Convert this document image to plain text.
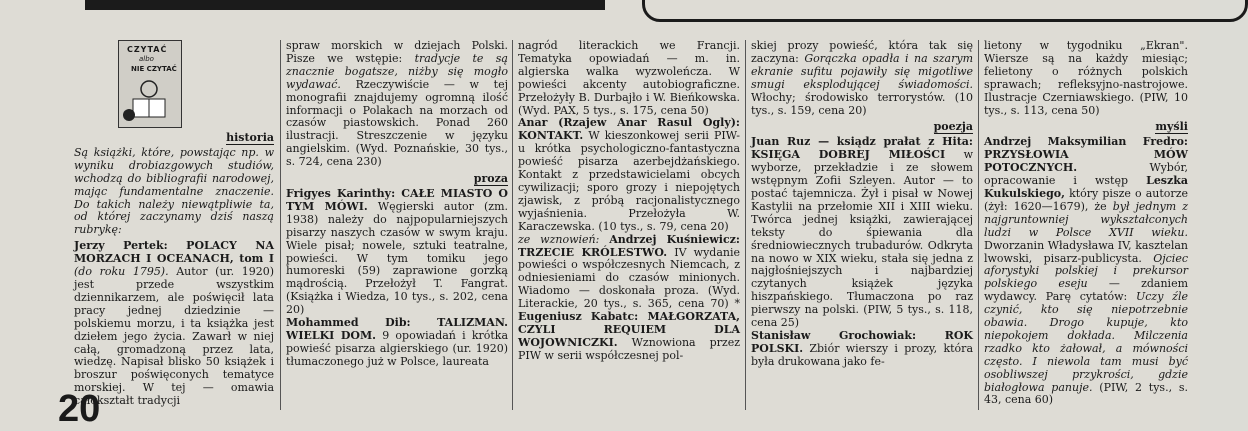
CZYTAĆ
albo
NIE CZYTAĆ
historia

Są książki, które, powstając np. w wyniku drobiazgowych studiów, wchodzą do bibliografii narodowej, mając fundamentalne znaczenie. Do takich należy niewątpliwie ta, od której zaczynamy dziś naszą rubrykę:

Jerzy Pertek: POLACY NA MORZACH I OCEANACH, tom I (do roku 1795). Autor (ur. 1920) jest przede wszystkim dziennikarzem, ale poświęcił lata pracy jednej dziedzinie — polskiemu morzu, i ta książka jest dziełem jego życia. Zawarł w niej całą, gromadzoną przez lata, wiedzę. Napisał blisko 50 książek i broszur poświęconych tematyce morskiej. W tej — omawia całokształt tradycji

20

spraw morskich w dziejach Polski. Pisze we wstępie: tradycje te są znacznie bogatsze, niżby się mogło wydawać. Rzeczywiście — w tej monografii znajdujemy ogromną ilość informacji o Polakach na morzach od czasów piastowskich. Ponad 260 ilustracji. Streszczenie w języku angielskim. (Wyd. Poznańskie, 30 tys., s. 724, cena 230)

proza

Frigyes Karinthy: CAŁE MIASTO O TYM MÓWI. Węgierski autor (zm. 1938) należy do najpopularniejszych pisarzy naszych czasów w swym kraju. Wiele pisał; nowele, sztuki teatralne, powieści. W tym tomiku jego humoreski (59) zaprawione gorzką mądrością. Przełożył T. Fangrat. (Książka i Wiedza, 10 tys., s. 202, cena 20)

Mohammed Dib: TALIZMAN. WIELKI DOM. 9 opowiadań i krótka powieść pisarza algierskiego (ur. 1920) tłumaczonego już w Polsce, laureata

nagród literackich we Francji. Tematyka opowiadań — m. in. algierska walka wyzwoleńcza. W powieści akcenty autobiograficzne. Przełożyły B. Durbajło i W. Bieńkowska. (Wyd. PAX, 5 tys., s. 175, cena 50)

Anar (Rzajew Anar Rasul Ogly): KONTAKT. W kieszonkowej serii PIW-u krótka psychologiczno-fantastyczna powieść pisarza azerbejdżańskiego. Kontakt z przedstawicielami obcych cywilizacji; sporo grozy i niepojętych zjawisk, z próbą racjonalistycznego wyjaśnienia. Przełożyła W. Karaczewska. (10 tys., s. 79, cena 20)

ze wznowień: Andrzej Kuśniewicz: TRZECIE KRÓLESTWO. IV wydanie powieści o współczesnych Niemcach, z odniesieniami do czasów minionych. Wiadomo — doskonała proza. (Wyd. Literackie, 20 tys., s. 365, cena 70) * Eugeniusz Kabatc: MAŁGORZATA, CZYLI REQUIEM DLA WOJOWNICZKI. Wznowiona przez PIW w serii współczesnej pol-

skiej prozy powieść, która tak się zaczyna: Gorączka opadła i na szarym ekranie sufitu pojawiły się migotliwe smugi eksplodującej świadomości. Włochy; środowisko terrorystów. (10 tys., s. 159, cena 20)

poezja

Juan Ruz — ksiądz prałat z Hita: KSIĘGA DOBREJ MIŁOŚCI w wyborze, przekładzie i ze słowem wstępnym Zofii Szleyen. Autor — to postać tajemnicza. Żył i pisał w Nowej Kastylii na przełomie XII i XIII wieku. Twórca jednej książki, zawierającej teksty do śpiewania dla średniowiecznych trubadurów. Odkryta na nowo w XIX wieku, stała się jedna z najgłośniejszych i najbardziej czytanych książek języka hiszpańskiego. Tłumaczona po raz pierwszy na polski. (PIW, 5 tys., s. 118, cena 25)

Stanisław Grochowiak: ROK POLSKI. Zbiór wierszy i prozy, która była drukowana jako fe-

lietony w tygodniku „Ekran". Wiersze są na każdy miesiąc; felietony o różnych polskich sprawach; refleksyjno-nastrojowe. Ilustracje Czerniawskiego. (PIW, 10 tys., s. 113, cena 50)

myśli

Andrzej Maksymilian Fredro: PRZYSŁOWIA MÓW POTOCZNYCH.	Wybór, opracowanie i wstęp Leszka Kukulskiego, który pisze o autorze (żył: 1620—1679), że był jednym z najgruntowniej wykształconych ludzi w Polsce XVII wieku. Dworzanin Władysława IV, kasztelan lwowski, pisarz-publicysta. Ojciec aforystyki polskiej i prekursor polskiego eseju — zdaniem wydawcy. Parę cytatów: Uczy źle czynić, kto się niepotrzebnie obawia. Drogo kupuje, kto niepokojem dokłada. Milczenia rzadko kto żałował, a mówności często. I niewola tam musi być osobliwszej przykrości, gdzie białogłowa panuje. (PIW, 2 tys., s. 43, cena 60)
